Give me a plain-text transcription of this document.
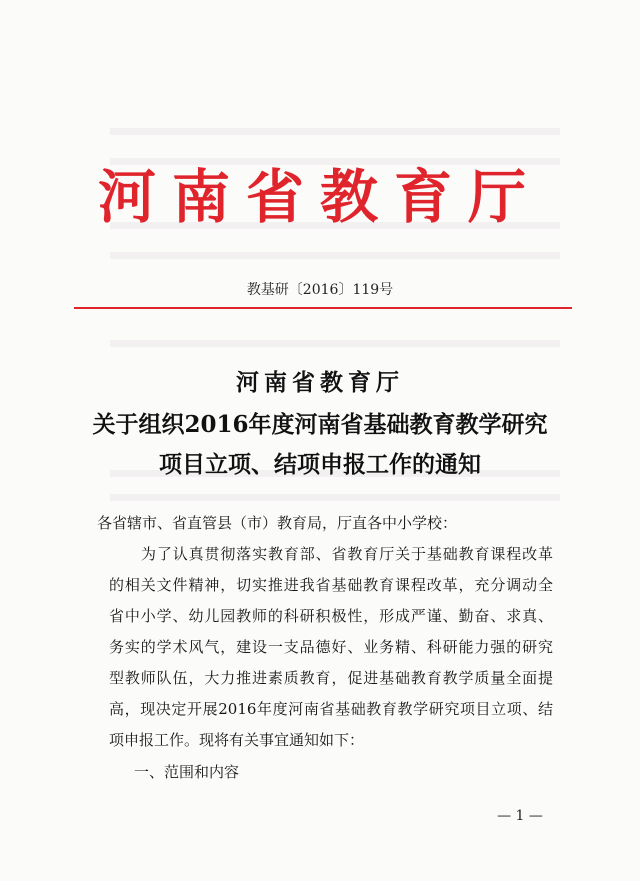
河南省教育厅
教基研〔2016〕119号
河南省教育厅
关于组织2016年度河南省基础教育教学研究
项目立项、结项申报工作的通知
各省辖市、省直管县（市）教育局，厅直各中小学校：
为了认真贯彻落实教育部、省教育厅关于基础教育课程改革
的相关文件精神，切实推进我省基础教育课程改革，充分调动全
省中小学、幼儿园教师的科研积极性，形成严谨、勤奋、求真、
务实的学术风气，建设一支品德好、业务精、科研能力强的研究
型教师队伍，大力推进素质教育，促进基础教育教学质量全面提
高，现决定开展2016年度河南省基础教育教学研究项目立项、结
项申报工作。现将有关事宜通知如下：
一、范围和内容
— 1 —
